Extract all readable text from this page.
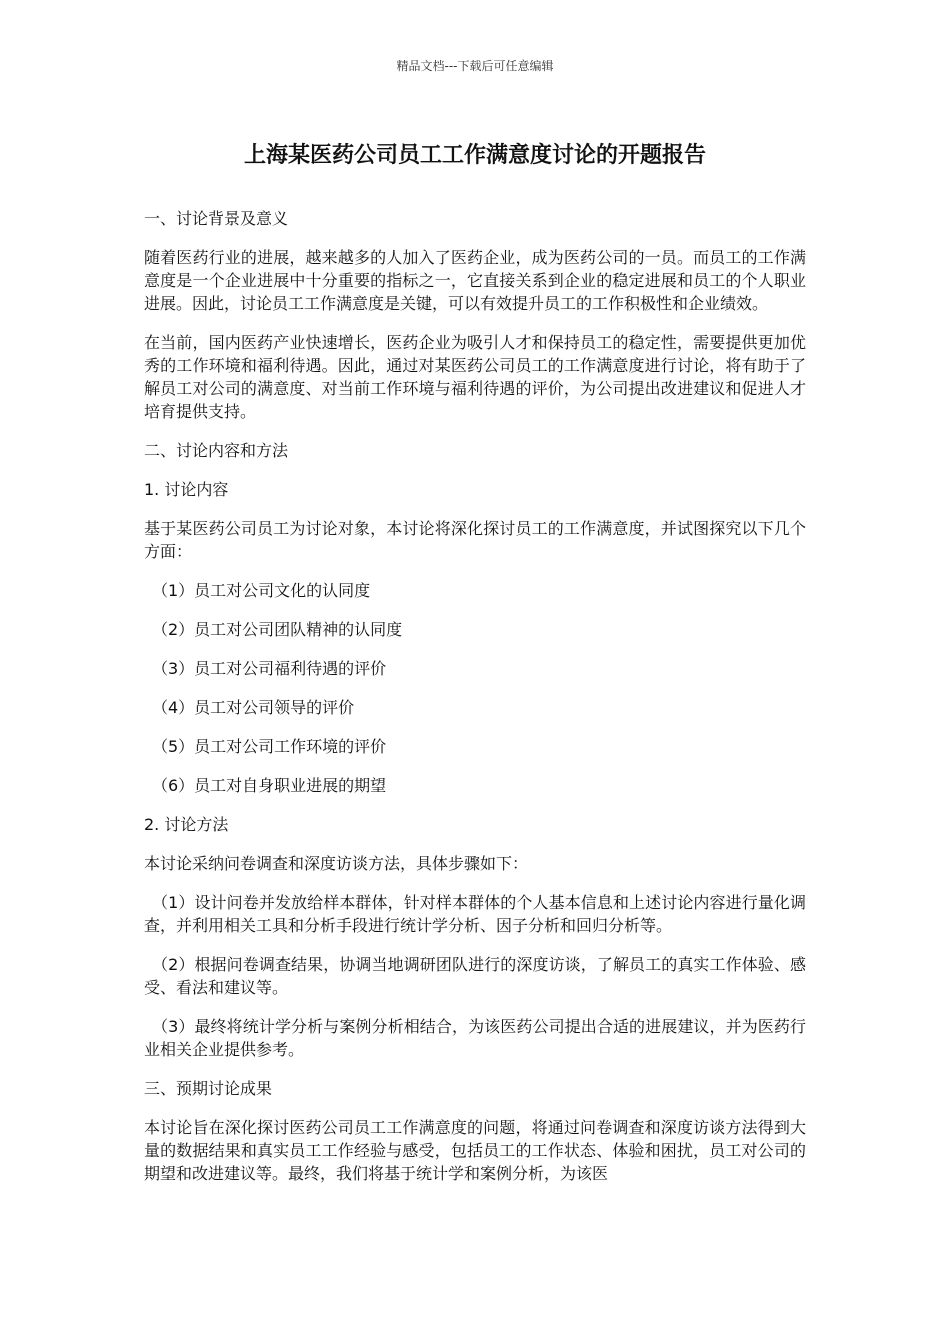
精品文档---下载后可任意编辑
上海某医药公司员工工作满意度讨论的开题报告

一、讨论背景及意义

随着医药行业的进展，越来越多的人加入了医药企业，成为医药公司的一员。而员工的工作满意度是一个企业进展中十分重要的指标之一，它直接关系到企业的稳定进展和员工的个人职业进展。因此，讨论员工工作满意度是关键，可以有效提升员工的工作积极性和企业绩效。

在当前，国内医药产业快速增长，医药企业为吸引人才和保持员工的稳定性，需要提供更加优秀的工作环境和福利待遇。因此，通过对某医药公司员工的工作满意度进行讨论，将有助于了解员工对公司的满意度、对当前工作环境与福利待遇的评价，为公司提出改进建议和促进人才培育提供支持。

二、讨论内容和方法

1. 讨论内容

基于某医药公司员工为讨论对象，本讨论将深化探讨员工的工作满意度，并试图探究以下几个方面：

（1）员工对公司文化的认同度

（2）员工对公司团队精神的认同度

（3）员工对公司福利待遇的评价

（4）员工对公司领导的评价

（5）员工对公司工作环境的评价

（6）员工对自身职业进展的期望

2. 讨论方法

本讨论采纳问卷调查和深度访谈方法，具体步骤如下：

（1）设计问卷并发放给样本群体，针对样本群体的个人基本信息和上述讨论内容进行量化调查，并利用相关工具和分析手段进行统计学分析、因子分析和回归分析等。

（2）根据问卷调查结果，协调当地调研团队进行的深度访谈，了解员工的真实工作体验、感受、看法和建议等。

（3）最终将统计学分析与案例分析相结合，为该医药公司提出合适的进展建议，并为医药行业相关企业提供参考。

三、预期讨论成果

本讨论旨在深化探讨医药公司员工工作满意度的问题，将通过问卷调查和深度访谈方法得到大量的数据结果和真实员工工作经验与感受，包括员工的工作状态、体验和困扰，员工对公司的期望和改进建议等。最终，我们将基于统计学和案例分析，为该医
